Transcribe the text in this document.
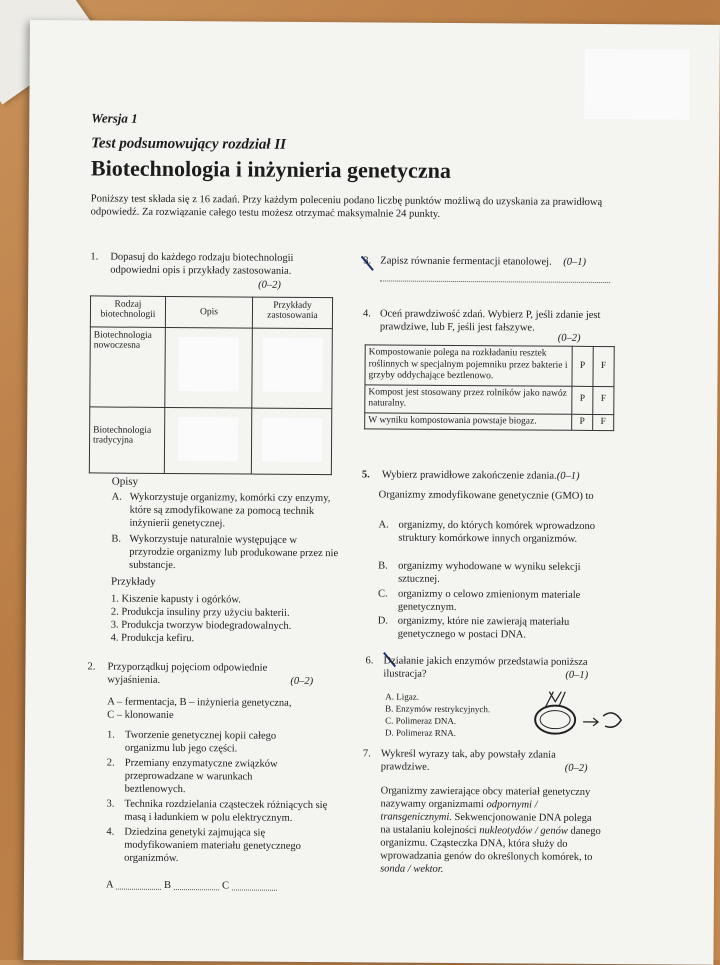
Wersja 1
Test podsumowujący rozdział II
Biotechnologia i inżynieria genetyczna
Poniższy test składa się z 16 zadań. Przy każdym poleceniu podano liczbę punktów możliwą do uzyskania za prawidłową odpowiedź. Za rozwiązanie całego testu możesz otrzymać maksymalnie 24 punkty.
1. Dopasuj do każdego rodzaju biotechnologii odpowiedni opis i przykłady zastosowania.
(0–2)
Rodzaj biotechnologii	Opis	Przykłady zastosowania
Biotechnologia nowoczesna	

Biotechnologia tradycyjna	

Opisy
A. Wykorzystuje organizmy, komórki czy enzymy, które są zmodyfikowane za pomocą technik inżynierii genetycznej.
B. Wykorzystuje naturalnie występujące w przyrodzie organizmy lub produkowane przez nie substancje.
Przykłady
1. Kiszenie kapusty i ogórków.
2. Produkcja insuliny przy użyciu bakterii.
3. Produkcja tworzyw biodegradowalnych.
4. Produkcja kefiru.
2. Przyporządkuj pojęciom odpowiednie wyjaśnienia.	(0–2)
A – fermentacja, B – inżynieria genetyczna,
C – klonowanie
1. Tworzenie genetycznej kopii całego organizmu lub jego części.
2. Przemiany enzymatyczne związków przeprowadzane w warunkach beztlenowych.
3. Technika rozdzielania cząsteczek różniących się masą i ładunkiem w polu elektrycznym.
4. Dziedzina genetyki zajmująca się modyfikowaniem materiału genetycznego organizmów.
A	B	C
3. Zapisz równanie fermentacji etanolowej. (0–1)
4. Oceń prawdziwość zdań. Wybierz P, jeśli zdanie jest prawdziwe, lub F, jeśli jest fałszywe.
(0–2)
Kompostowanie polega na rozkładaniu resztek roślinnych w specjalnym pojemniku przez bakterie i grzyby oddychające beztlenowo.	P	F
Kompost jest stosowany przez rolników jako nawóz naturalny.	P	F
W wyniku kompostowania powstaje biogaz.	P	F
5. Wybierz prawidłowe zakończenie zdania. (0–1)
Organizmy zmodyfikowane genetycznie (GMO) to
A. organizmy, do których komórek wprowadzono struktury komórkowe innych organizmów.
B. organizmy wyhodowane w wyniku selekcji sztucznej.
C. organizmy o celowo zmienionym materiale genetycznym.
D. organizmy, które nie zawierają materiału genetycznego w postaci DNA.
6. Działanie jakich enzymów przedstawia poniższa ilustracja?	(0–1)
A. Ligaz.
B. Enzymów restrykcyjnych.
C. Polimeraz DNA.
D. Polimeraz RNA.
7. Wykreśl wyrazy tak, aby powstały zdania prawdziwe.	(0–2)
Organizmy zawierające obcy materiał genetyczny nazywamy organizmami odpornymi / transgenicznymi. Sekwencjonowanie DNA polega na ustalaniu kolejności nukleotydów / genów danego organizmu. Cząsteczka DNA, która służy do wprowadzania genów do określonych komórek, to sonda / wektor.
